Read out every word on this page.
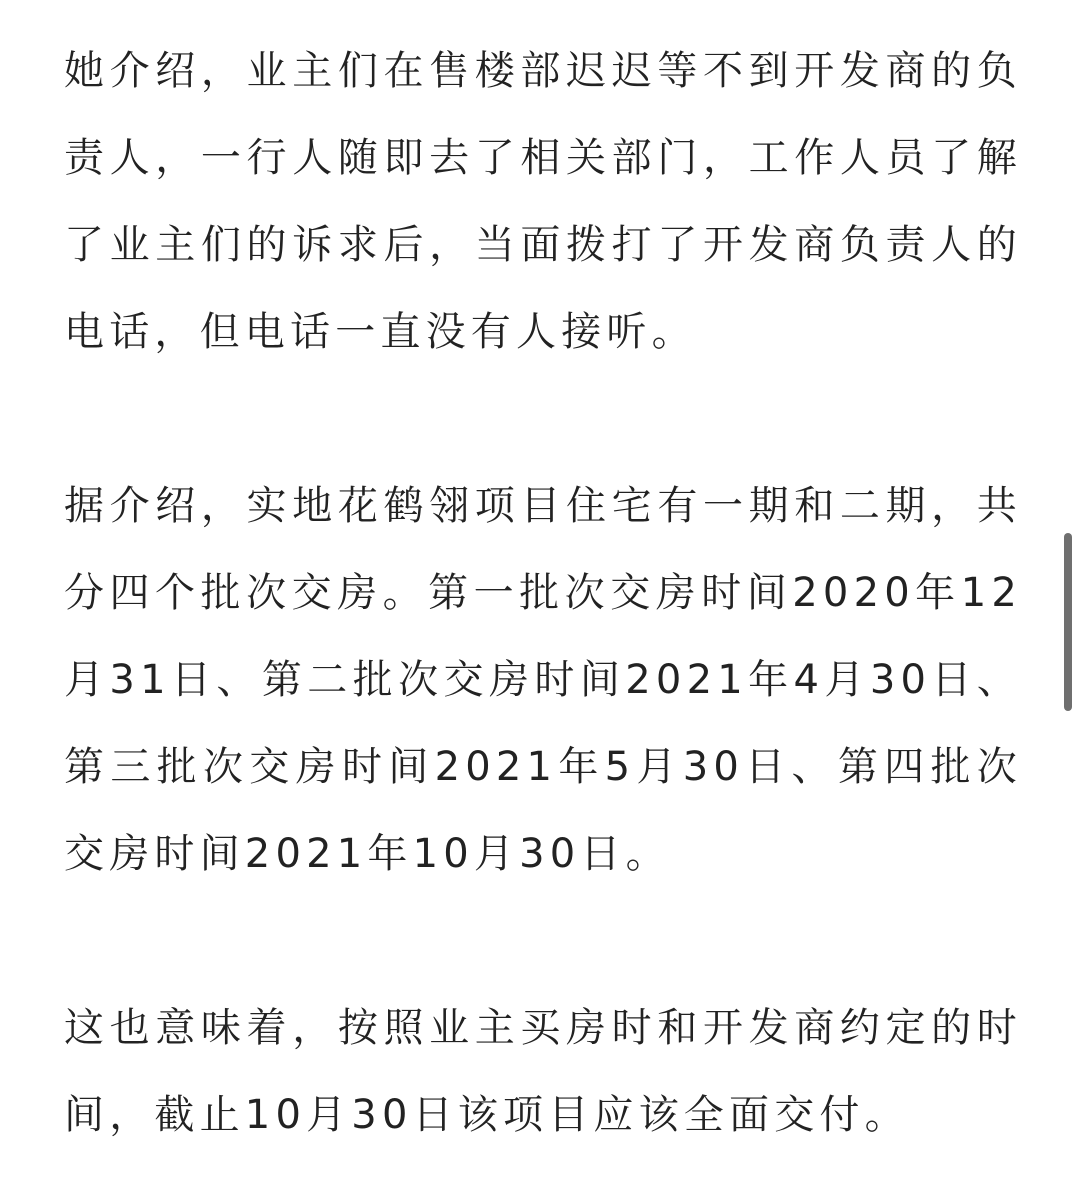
她介绍，业主们在售楼部迟迟等不到开发商的负责人，一行人随即去了相关部门，工作人员了解了业主们的诉求后，当面拨打了开发商负责人的电话，但电话一直没有人接听。

据介绍，实地花鹤翎项目住宅有一期和二期，共分四个批次交房。第一批次交房时间2020年12月31日、第二批次交房时间2021年4月30日、第三批次交房时间2021年5月30日、第四批次交房时间2021年10月30日。

这也意味着，按照业主买房时和开发商约定的时间，截止10月30日该项目应该全面交付。
